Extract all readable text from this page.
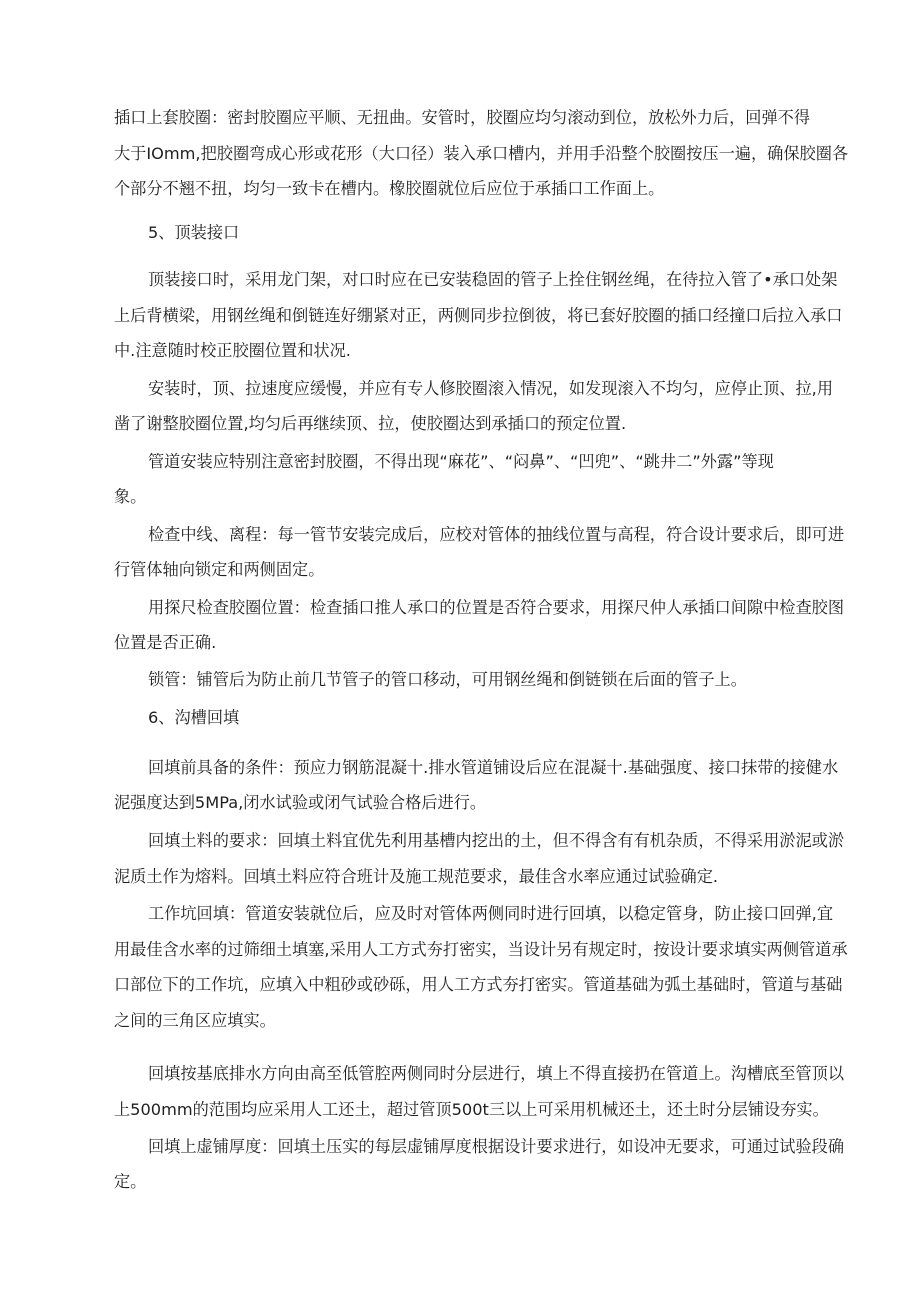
插口上套胶圈：密封胶圈应平顺、无扭曲。安管时，胶圈应均匀滚动到位，放松外力后，回弹不得
大于IOmm,把胶圈弯成心形或花形（大口径）装入承口槽内，并用手沿整个胶圈按压一遍，确保胶圈各
个部分不翘不扭，均匀一致卡在槽内。橡胶圈就位后应位于承插口工作面上。
5、顶装接口
顶装接口时，采用龙门架，对口时应在已安装稳固的管子上拴住钢丝绳，在待拉入管了•承口处架
上后背横梁，用钢丝绳和倒链连好绷紧对正，两侧同步拉倒彼，将已套好胶圈的插口经撞口后拉入承口
中.注意随时校正胶圈位置和状况.
安装时，顶、拉速度应缓慢，并应有专人修胶圈滚入情况，如发现滚入不均匀，应停止顶、拉,用
凿了谢整胶圈位置,均匀后再继续顶、拉，使胶圈达到承插口的预定位置.
管道安装应特别注意密封胶圈，不得出现“麻花”、“闷鼻”、“凹兜”、“跳井二”外露”等现
象。
检查中线、离程：每一管节安装完成后，应校对管体的抽线位置与高程，符合设计要求后，即可进
行管体轴向锁定和两侧固定。
用探尺检查胶圈位置：检查插口推人承口的位置是否符合要求，用探尺仲人承插口间隙中检查胶图
位置是否正确.
锁管：铺管后为防止前几节管子的管口移动，可用钢丝绳和倒链锁在后面的管子上。
6、沟槽回填
回填前具备的条件：预应力钢筋混凝十.排水管道铺设后应在混凝十.基础强度、接口抹带的接健水
泥强度达到5MPa,闭水试验或闭气试验合格后进行。
回填土料的要求：回填土料宜优先利用基槽内挖出的土，但不得含有有机杂质，不得采用淤泥或淤
泥质土作为熔料。回填土料应符合班计及施工规范要求，最佳含水率应通过试验确定.
工作坑回填：管道安装就位后，应及时对管体两侧同时进行回填，以稳定管身，防止接口回弹,宜
用最佳含水率的过筛细土填塞,采用人工方式夯打密实，当设计另有规定时，按设计要求填实两侧管道承
口部位下的工作坑，应填入中粗砂或砂砾，用人工方式夯打密实。管道基础为弧土基础时，管道与基础
之间的三角区应填实。
回填按基底排水方向由高至低管腔两侧同时分层进行，填上不得直接扔在管道上。沟槽底至管顶以
上500mm的范围均应采用人工还土，超过管顶500t三以上可采用机械还土，还土时分层铺设夯实。
回填上虚铺厚度：回填土压实的每层虚铺厚度根据设计要求进行，如设冲无要求，可通过试验段确
定。
